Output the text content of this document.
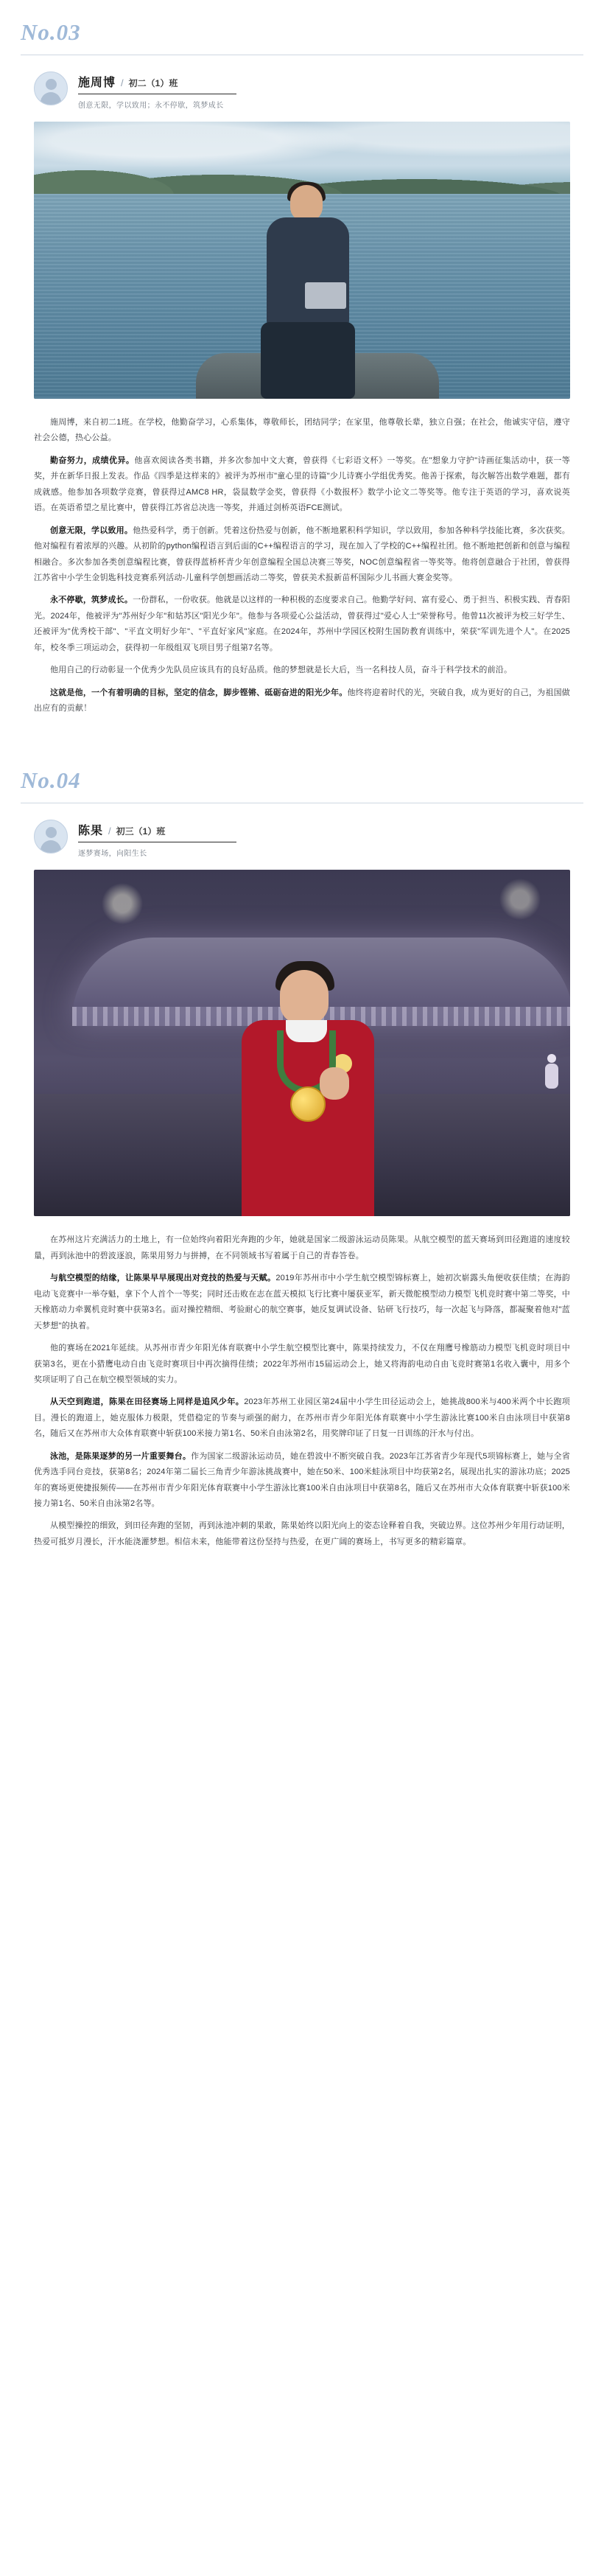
No.03
施周博 / 初二（1）班
创意无限，学以致用；永不停歇，筑梦成长

施周博，来自初二1班。在学校，他勤奋学习，心系集体，尊敬师长，团结同学；在家里，他尊敬长辈，独立自强；在社会，他诚实守信，遵守社会公德，热心公益。

勤奋努力，成绩优异。他喜欢阅读各类书籍，并多次参加中文大赛，曾获得《七彩语文杯》一等奖。在"想象力守护"诗画征集活动中，获一等奖，并在新华日报上发表。作品《四季是这样来的》被评为苏州市"童心里的诗篇"少儿诗赛小学组优秀奖。他善于探索，每次解答出数学难题，都有成就感。他参加各项数学竞赛，曾获得过AMC8 HR，袋鼠数学金奖，曾获得《小数报杯》数学小论文二等奖等。他专注于英语的学习，喜欢说英语。在英语希望之星比赛中，曾获得江苏省总决选一等奖，并通过剑桥英语FCE测试。

创意无限，学以致用。他热爱科学，勇于创新。凭着这份热爱与创新，他不断地累积科学知识，学以致用，参加各种科学技能比赛，多次获奖。他对编程有着浓厚的兴趣。从初阶的python编程语言到后面的C++编程语言的学习，现在加入了学校的C++编程社团。他不断地把创新和创意与编程相融合。多次参加各类创意编程比赛，曾获得蓝桥杯青少年创意编程全国总决赛三等奖，NOC创意编程省一等奖等。他将创意融合于社团，曾获得江苏省中小学生金钥匙科技竞赛系列活动-儿童科学创想画活动二等奖，曾获美术报新苗杯国际少儿书画大赛金奖等。

永不停歇，筑梦成长。一份群私，一份收获。他就是以这样的一种积极的态度要求自己。他勤学好问、富有爱心、勇于担当、积极实践、青春阳光。2024年，他被评为"苏州好少年"和姑苏区"阳光少年"。他参与各项爱心公益活动，曾获得过"爱心人士"荣誉称号。他曾11次被评为校三好学生、还被评为"优秀校干部"、"平直文明好少年"、"平直好家风"家庭。在2024年，苏州中学园区校附生国防教育训练中，荣获"军训先进个人"。在2025年，校冬季三项运动会，获得初一年级组双飞项目男子组第7名等。

他用自己的行动彰显一个优秀少先队员应该具有的良好品质。他的梦想就是长大后，当一名科技人员，奋斗于科学技术的前沿。

这就是他，一个有着明确的目标，坚定的信念，脚步铿锵、砥砺奋进的阳光少年。他终将迎着时代的光，突破自我，成为更好的自己，为祖国做出应有的贡献！

No.04
陈果 / 初三（1）班
逐梦赛场，向阳生长

在苏州这片充满活力的土地上，有一位始终向着阳光奔跑的少年，她就是国家二级游泳运动员陈果。从航空模型的蓝天赛场到田径跑道的速度较量，再到泳池中的碧波逐浪，陈果用努力与拼搏，在不同领域书写着属于自己的青春答卷。

与航空模型的结缘，让陈果早早展现出对竞技的热爱与天赋。2019年苏州市中小学生航空模型锦标赛上，她初次崭露头角便收获佳绩；在海韵电动飞竞赛中一举夺魁，拿下个人首个一等奖；同时还击败在志在蓝天模拟飞行比赛中屡获亚军，新天微舵模型动力模型飞机竞时赛中第二等奖，中天橡筋动力牵翼机竞时赛中获第3名。面对操控精细、考验耐心的航空赛事，她反复调试设备、钻研飞行技巧，每一次起飞与降落，都凝聚着他对"蓝天梦想"的执着。

他的赛场在2021年延续。从苏州市青少年阳光体育联赛中小学生航空模型比赛中，陈果持续发力，不仅在翔鹰号橡筋动力模型飞机竞时项目中获第3名，更在小猎鹰电动自由飞竞时赛项目中再次摘得佳绩；2022年苏州市15届运动会上，她又将海韵电动自由飞竞时赛第1名收入囊中，用多个奖项证明了自己在航空模型领域的实力。

从天空到跑道，陈果在田径赛场上同样是追风少年。2023年苏州工业园区第24届中小学生田径运动会上，她挑战800米与400米两个中长跑项目。漫长的跑道上，她克服体力极限，凭借稳定的节奏与顽强的耐力，在苏州市青少年阳光体育联赛中小学生游泳比赛100米自由泳项目中获第8名，随后又在苏州市大众体育联赛中斩获100米接力第1名、50米自由泳第2名，用奖牌印证了日复一日训练的汗水与付出。

泳池，是陈果逐梦的另一片重要舞台。作为国家二级游泳运动员，她在碧波中不断突破自我。2023年江苏省青少年现代5项锦标赛上，她与全省优秀选手同台竞技，获第8名；2024年第二届长三角青少年游泳挑战赛中，她在50米、100米蛙泳项目中均获第2名，展现出扎实的游泳功底；2025年的赛场更使捷报频传——在苏州市青少年阳光体育联赛中小学生游泳比赛100米自由泳项目中获第8名，随后又在苏州市大众体育联赛中斩获100米接力第1名、50米自由泳第2名等。

从模型操控的细致，到田径奔跑的坚韧，再到泳池冲刺的果敢，陈果始终以阳光向上的姿态诠释着自我，突破边界。这位苏州少年用行动证明，热爱可抵岁月漫长，汗水能浇灌梦想。相信未来，他能带着这份坚持与热爱，在更广阔的赛场上，书写更多的精彩篇章。
